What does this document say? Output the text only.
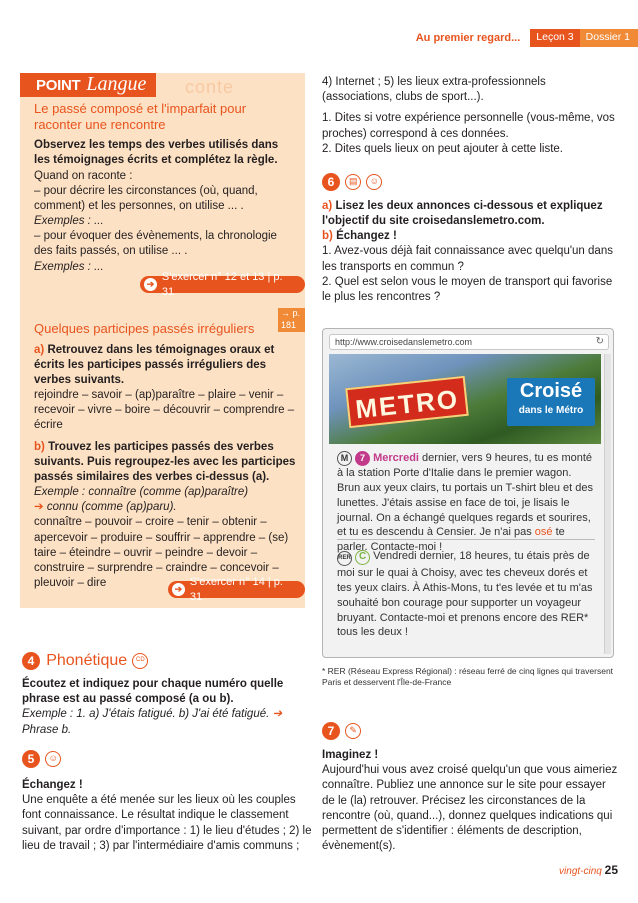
Au premier regard...	Leçon 3	Dossier 1
POINT Langue	conte
Le passé composé et l'imparfait pour raconter une rencontre
Observez les temps des verbes utilisés dans les témoignages écrits et complétez la règle.
Quand on raconte :
– pour décrire les circonstances (où, quand, comment) et les personnes, on utilise ... .
Exemples : ...
– pour évoquer des évènements, la chronologie des faits passés, on utilise ... .
Exemples : ...
➔
S'exercer n° 12 et 13 | p. 31
→ p. 181
Quelques participes passés irréguliers
a) Retrouvez dans les témoignages oraux et écrits les participes passés irréguliers des verbes suivants.
rejoindre – savoir – (ap)paraître – plaire – venir – recevoir – vivre – boire – découvrir – comprendre – écrire
b) Trouvez les participes passés des verbes suivants. Puis regroupez-les avec les participes passés similaires des verbes ci-dessus (a).
Exemple : connaître (comme (ap)paraître)
➔ connu (comme (ap)paru).
connaître – pouvoir – croire – tenir – obtenir – apercevoir – produire – souffrir – apprendre – (se) taire – éteindre – ouvrir – peindre – devoir – construire – surprendre – craindre – concevoir – pleuvoir – dire	➔
S'exercer n° 14 | p. 31
4 Phonétique CD
Écoutez et indiquez pour chaque numéro quelle phrase est au passé composé (a ou b).
Exemple : 1. a) J'étais fatigué. b) J'ai été fatigué. ➔ Phrase b.
5 ☺
Échangez !
Une enquête a été menée sur les lieux où les couples font connaissance. Le résultat indique le classement suivant, par ordre d'importance : 1) le lieu d'études ; 2) le lieu de travail ; 3) par l'intermédiaire d'amis communs ;
4) Internet ; 5) les lieux extra-professionnels (associations, clubs de sport...).
1. Dites si votre expérience personnelle (vous-même, vos proches) correspond à ces données.
2. Dites quels lieux on peut ajouter à cette liste.
6 ▤ ☺
a) Lisez les deux annonces ci-dessous et expliquez l'objectif du site croisedanslemetro.com.
b) Échangez !
1. Avez-vous déjà fait connaissance avec quelqu'un dans les transports en commun ?
2. Quel est selon vous le moyen de transport qui favorise le plus les rencontres ?
http://www.croisedanslemetro.com	↻
METRO	Croisé
dans le Métro
M 7 Mercredi dernier, vers 9 heures, tu es monté à la station Porte d'Italie dans le premier wagon. Brun aux yeux clairs, tu portais un T-shirt bleu et des lunettes. J'étais assise en face de toi, je lisais le journal. On a échangé quelques regards et sourires, et tu es descendu à Censier. Je n'ai pas osé te parler. Contacte-moi !
RER C Vendredi dernier, 18 heures, tu étais près de moi sur le quai à Choisy, avec tes cheveux dorés et tes yeux clairs. À Athis-Mons, tu t'es levée et tu m'as souhaité bon courage pour supporter un voyageur bruyant. Contacte-moi et prenons encore des RER* tous les deux !
* RER (Réseau Express Régional) : réseau ferré de cinq lignes qui traversent Paris et desservent l'Île-de-France
7 ✎
Imaginez !
Aujourd'hui vous avez croisé quelqu'un que vous aimeriez connaître. Publiez une annonce sur le site pour essayer de le (la) retrouver. Précisez les circonstances de la rencontre (où, quand...), donnez quelques indications qui permettent de s'identifier : éléments de description, évènement(s).
vingt-cinq 25
